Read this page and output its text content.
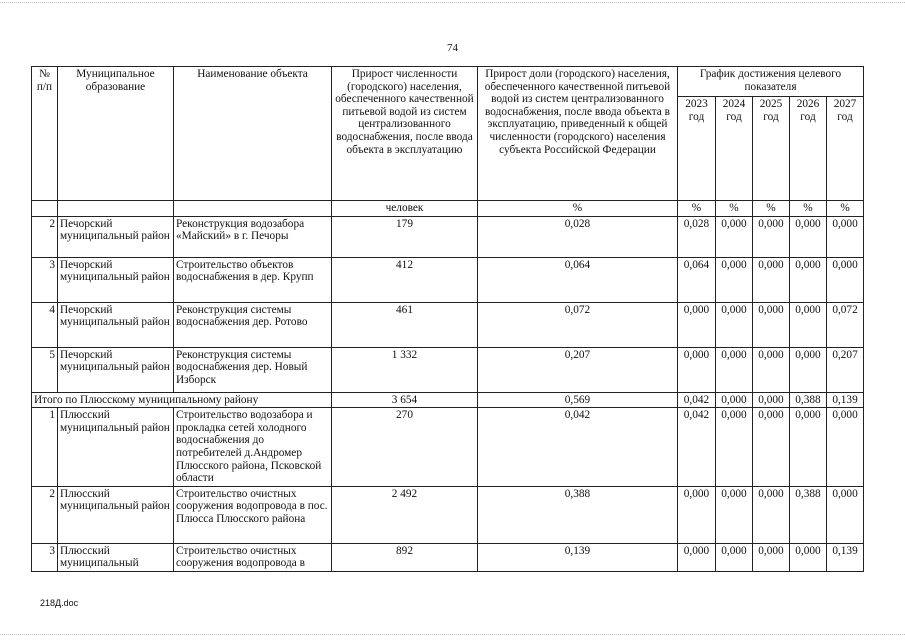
74
№ п/п	Муниципальное образование	Наименование объекта	Прирост численности (городского) населения, обеспеченного качественной питьевой водой из систем централизованного водоснабжения, после ввода объекта в эксплуатацию	Прирост доли (городского) населения, обеспеченного качественной питьевой водой из систем централизованного водоснабжения, после ввода объекта в эксплуатацию, приведенный к общей численности (городского) населения субъекта Российской Федерации	График достижения целевого показателя				
					2023 год	2024 год	2025 год	2026 год	2027 год
			человек	%	%	%	%	%	%
2	Печорский муниципальный район	Реконструкция водозабора «Майский» в г. Печоры	179	0,028	0,028	0,000	0,000	0,000	0,000
3	Печорский муниципальный район	Строительство объектов водоснабжения в дер. Крупп	412	0,064	0,064	0,000	0,000	0,000	0,000
4	Печорский муниципальный район	Реконструкция системы водоснабжения дер. Ротово	461	0,072	0,000	0,000	0,000	0,000	0,072
5	Печорский муниципальный район	Реконструкция системы водоснабжения дер. Новый Изборск	1 332	0,207	0,000	0,000	0,000	0,000	0,207
Итого по Плюсскому муниципальному району			3 654	0,569	0,042	0,000	0,000	0,388	0,139
1	Плюсский муниципальный район	Строительство водозабора и прокладка сетей холодного водоснабжения до потребителей д.Андромер Плюсского района, Псковской области	270	0,042	0,042	0,000	0,000	0,000	0,000
2	Плюсский муниципальный район	Строительство очистных сооружения водопровода в пос. Плюсса Плюсского района	2 492	0,388	0,000	0,000	0,000	0,388	0,000
3	Плюсский муниципальный	Строительство очистных сооружения водопровода в	892	0,139	0,000	0,000	0,000	0,000	0,139
218Д.doc
